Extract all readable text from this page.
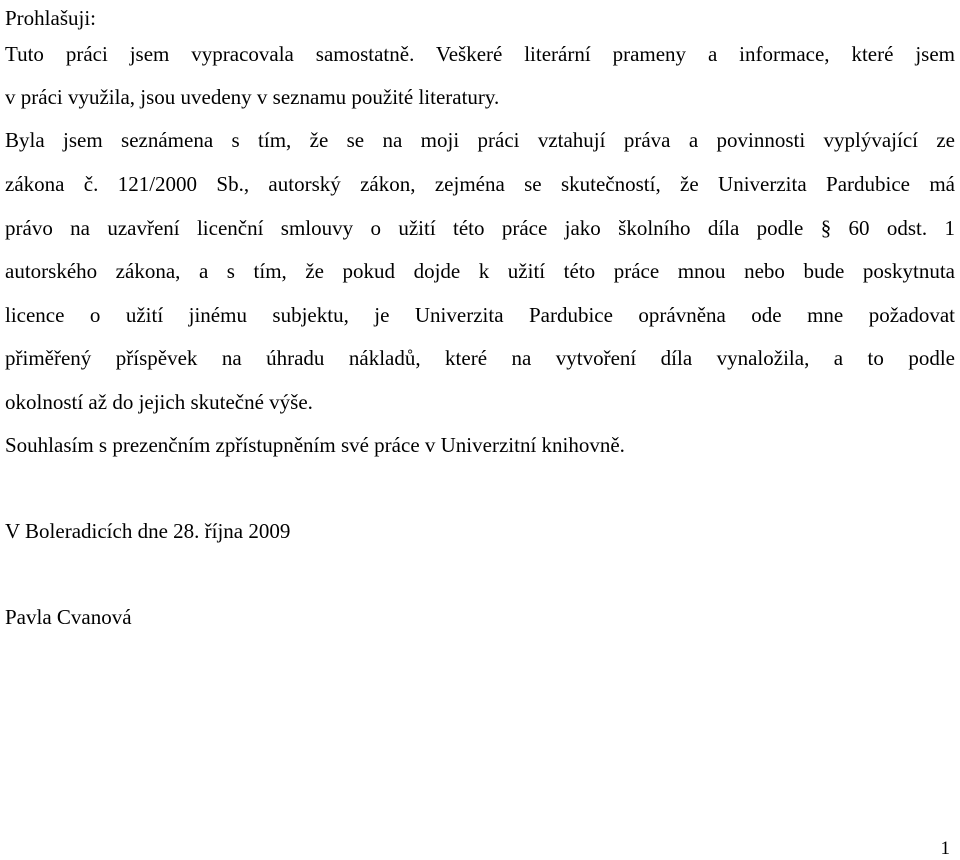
Prohlašuji:
Tuto práci jsem vypracovala samostatně. Veškeré literární prameny a informace, které jsem
v práci využila, jsou uvedeny v seznamu použité literatury.
Byla jsem seznámena s tím, že se na moji práci vztahují práva a povinnosti vyplývající ze
zákona č. 121/2000 Sb., autorský zákon, zejména se skutečností, že Univerzita Pardubice má
právo na uzavření licenční smlouvy o užití této práce jako školního díla podle § 60 odst. 1
autorského zákona, a s tím, že pokud dojde k užití této práce mnou nebo bude poskytnuta
licence o užití jinému subjektu, je Univerzita Pardubice oprávněna ode mne požadovat
přiměřený příspěvek na úhradu nákladů, které na vytvoření díla vynaložila, a to podle
okolností až do jejich skutečné výše.
Souhlasím s prezenčním zpřístupněním své práce v Univerzitní knihovně.
V Boleradicích dne 28. října 2009
Pavla Cvanová
1
